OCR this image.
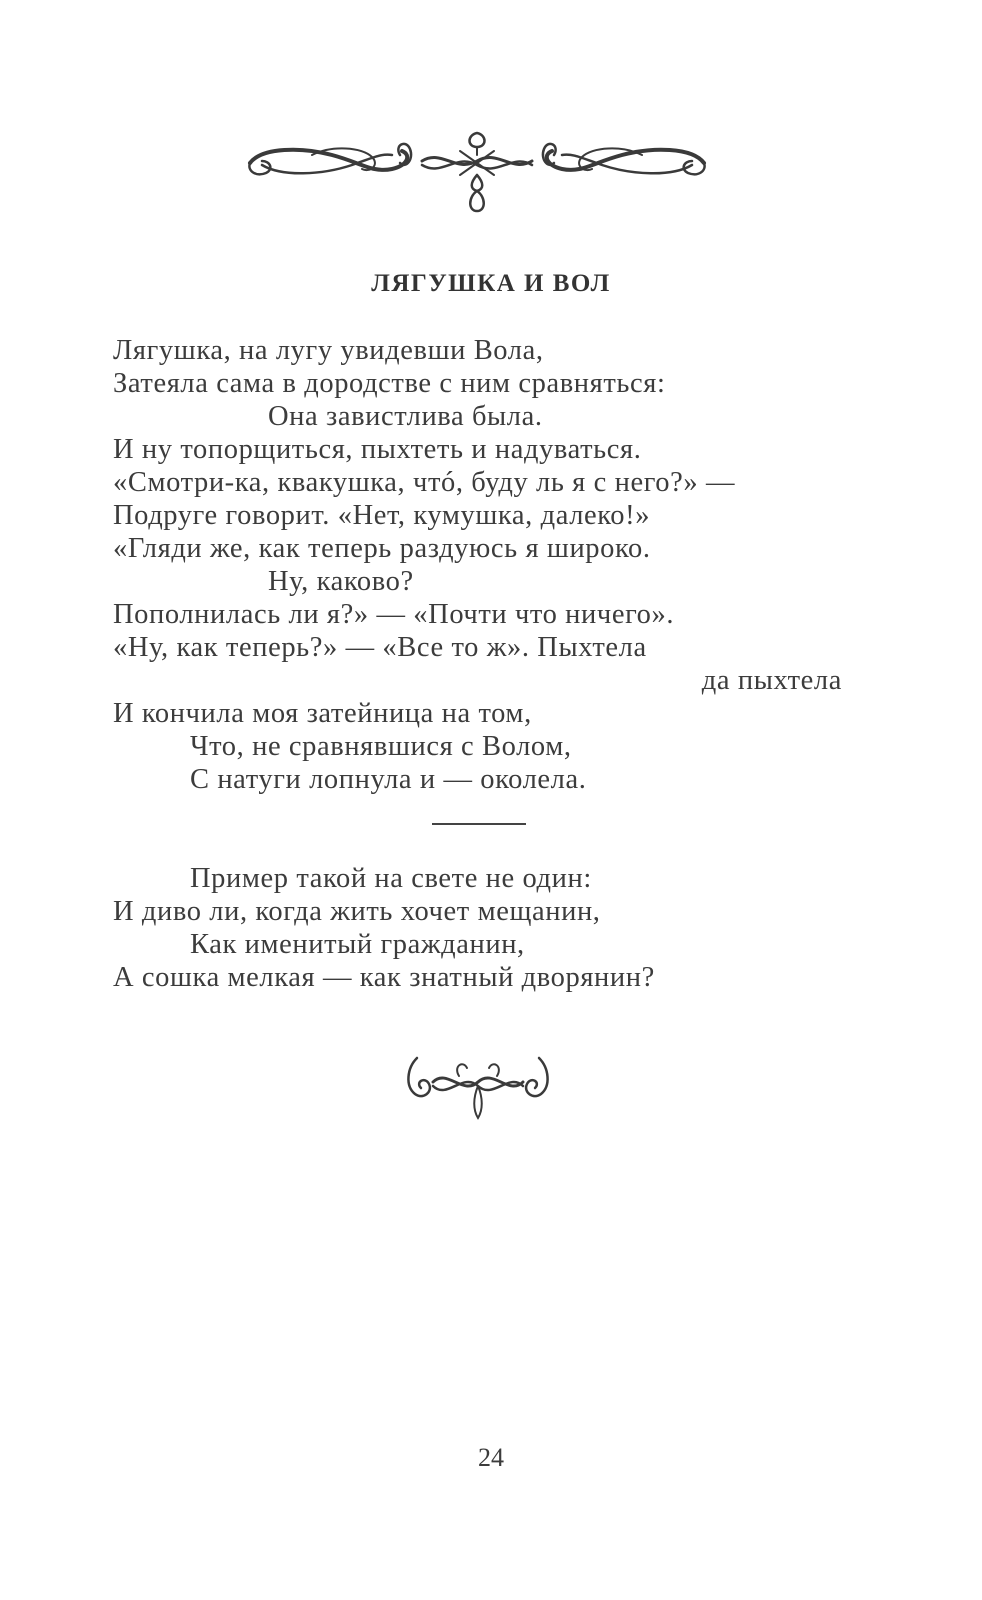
ЛЯГУШКА И ВОЛ
Лягушка, на лугу увидевши Вола,
Затеяла сама в дородстве с ним сравняться:
Она завистлива была.
И ну топорщиться, пыхтеть и надуваться.
«Смотри-ка, квакушка, чтó, буду ль я с него?» —
Подруге говорит. «Нет, кумушка, далеко!»
«Гляди же, как теперь раздуюсь я широко.
Ну, каково?
Пополнилась ли я?» — «Почти что ничего».
«Ну, как теперь?» — «Все то ж». Пыхтела
да пыхтела
И кончила моя затейница на том,
Что, не сравнявшися с Волом,
С натуги лопнула и — околела.
Пример такой на свете не один:
И диво ли, когда жить хочет мещанин,
Как именитый гражданин,
А сошка мелкая — как знатный дворянин?
24
